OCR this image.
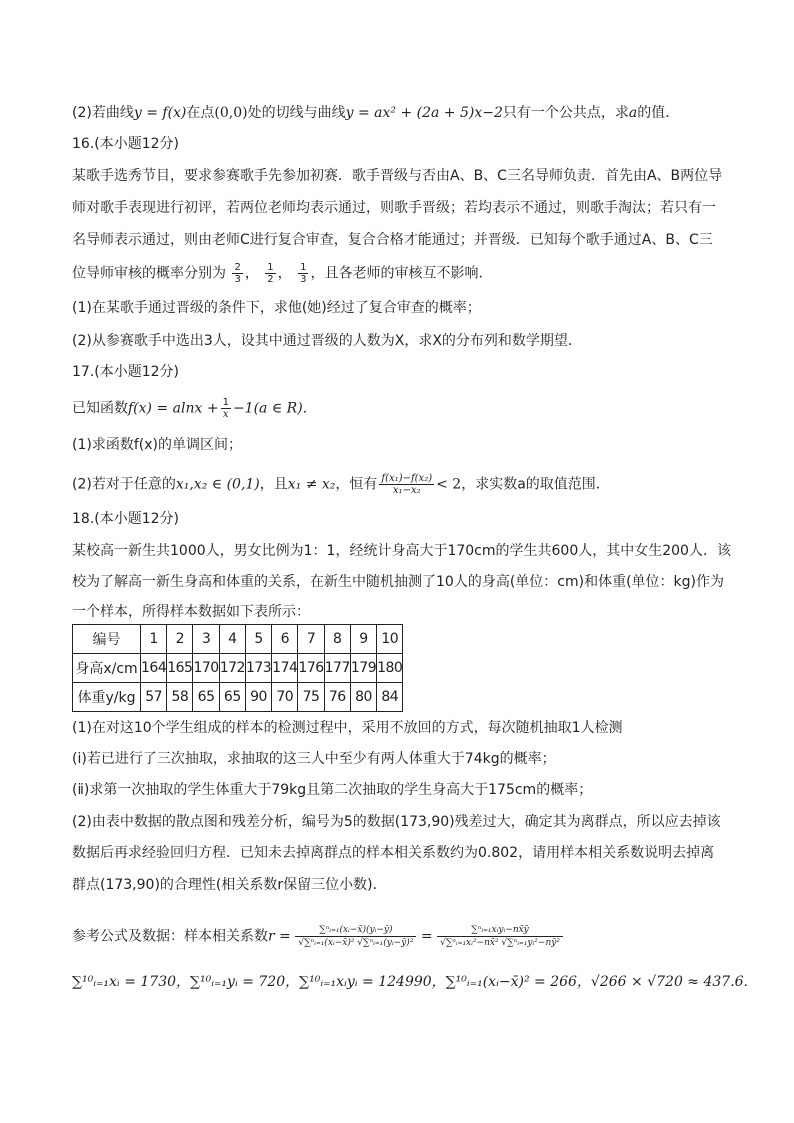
(2)若曲线y = f(x)在点(0,0)处的切线与曲线y = ax² + (2a + 5)x−2只有一个公共点，求a的值．
16.(本小题12分)
某歌手选秀节目，要求参赛歌手先参加初赛．歌手晋级与否由A、B、C三名导师负责．首先由A、B两位导
师对歌手表现进行初评，若两位老师均表示通过，则歌手晋级；若均表示不通过，则歌手淘汰；若只有一
名导师表示通过，则由老师C进行复合审查，复合合格才能通过；并晋级．已知每个歌手通过A、B、C三
位导师审核的概率分别为 $\frac{2}{3}$ ， $\frac{1}{2}$ ， $\frac{1}{3}$ ，且各老师的审核互不影响．
(1)在某歌手通过晋级的条件下，求他(她)经过了复合审查的概率；
(2)从参赛歌手中选出3人，设其中通过晋级的人数为X，求X的分布列和数学期望．
17.(本小题12分)
已知函数$f(x) = alnx + \frac{1}{x} -1(a$ ∈ R)．
(1)求函数f(x)的单调区间；
(2)若对于任意的x₁,x₂ ∈ (0,1)，且x₁ ≠ x₂，恒有 $\frac{\text{f(x₁)−f(x₂)}}{\text{x₁−x₂}} < 2$，求实数a的取值范围．
18.(本小题12分)
某校高一新生共1000人，男女比例为1：1，经统计身高大于170cm的学生共600人，其中女生200人．该
校为了解高一新生身高和体重的关系，在新生中随机抽测了10人的身高(单位：cm)和体重(单位：kg)作为
一个样本，所得样本数据如下表所示：
编号	1	2	3	4	5	6	7	8	9	10
身高x/cm	164	165	170	172	173	174	176	177	179	180
体重y/kg	57	58	65	65	90	70	75	76	80	84
(1)在对这10个学生组成的样本的检测过程中，采用不放回的方式，每次随机抽取1人检测
(ⅰ)若已进行了三次抽取，求抽取的这三人中至少有两人体重大于74kg的概率；
(ⅱ)求第一次抽取的学生体重大于79kg且第二次抽取的学生身高大于175cm的概率；
(2)由表中数据的散点图和残差分析，编号为5的数据(173,90)残差过大，确定其为离群点，所以应去掉该
数据后再求经验回归方程．已知未去掉离群点的样本相关系数约为0.802，请用样本相关系数说明去掉离
群点(173,90)的合理性(相关系数r保留三位小数)．
参考公式及数据：样本相关系数$r = \frac{\text{∑ⁿᵢ₌₁(xᵢ−x̄)(yᵢ−ȳ)}}{\text{√∑ⁿᵢ₌₁(xᵢ−x̄)² √∑ⁿᵢ₌₁(yᵢ−ȳ)²}} = \frac{\text{∑ⁿᵢ₌₁xᵢyᵢ−nx̄ȳ}}{\text{√∑ⁿᵢ₌₁xᵢ²−nx̄² √∑ⁿᵢ₌₁yᵢ²−nȳ²}}$
∑¹⁰ᵢ₌₁xᵢ = 1730，∑¹⁰ᵢ₌₁yᵢ = 720，∑¹⁰ᵢ₌₁xᵢyᵢ = 124990，∑¹⁰ᵢ₌₁(xᵢ−x̄)² = 266，√266 × √720 ≈ 437.6.
